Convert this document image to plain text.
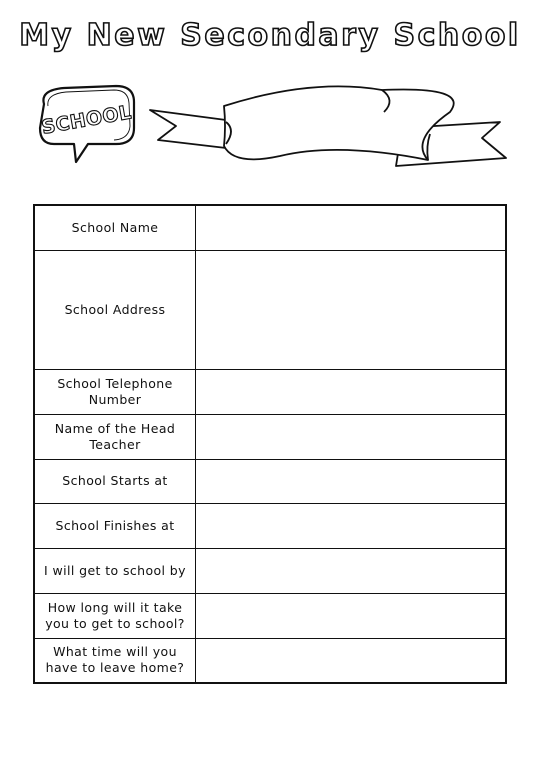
My New Secondary School
SCHOOL
School Name	
School Address	
School Telephone Number	
Name of the Head Teacher	
School Starts at	
School Finishes at	
I will get to school by	
How long will it take you to get to school?	
What time will you have to leave home?	
